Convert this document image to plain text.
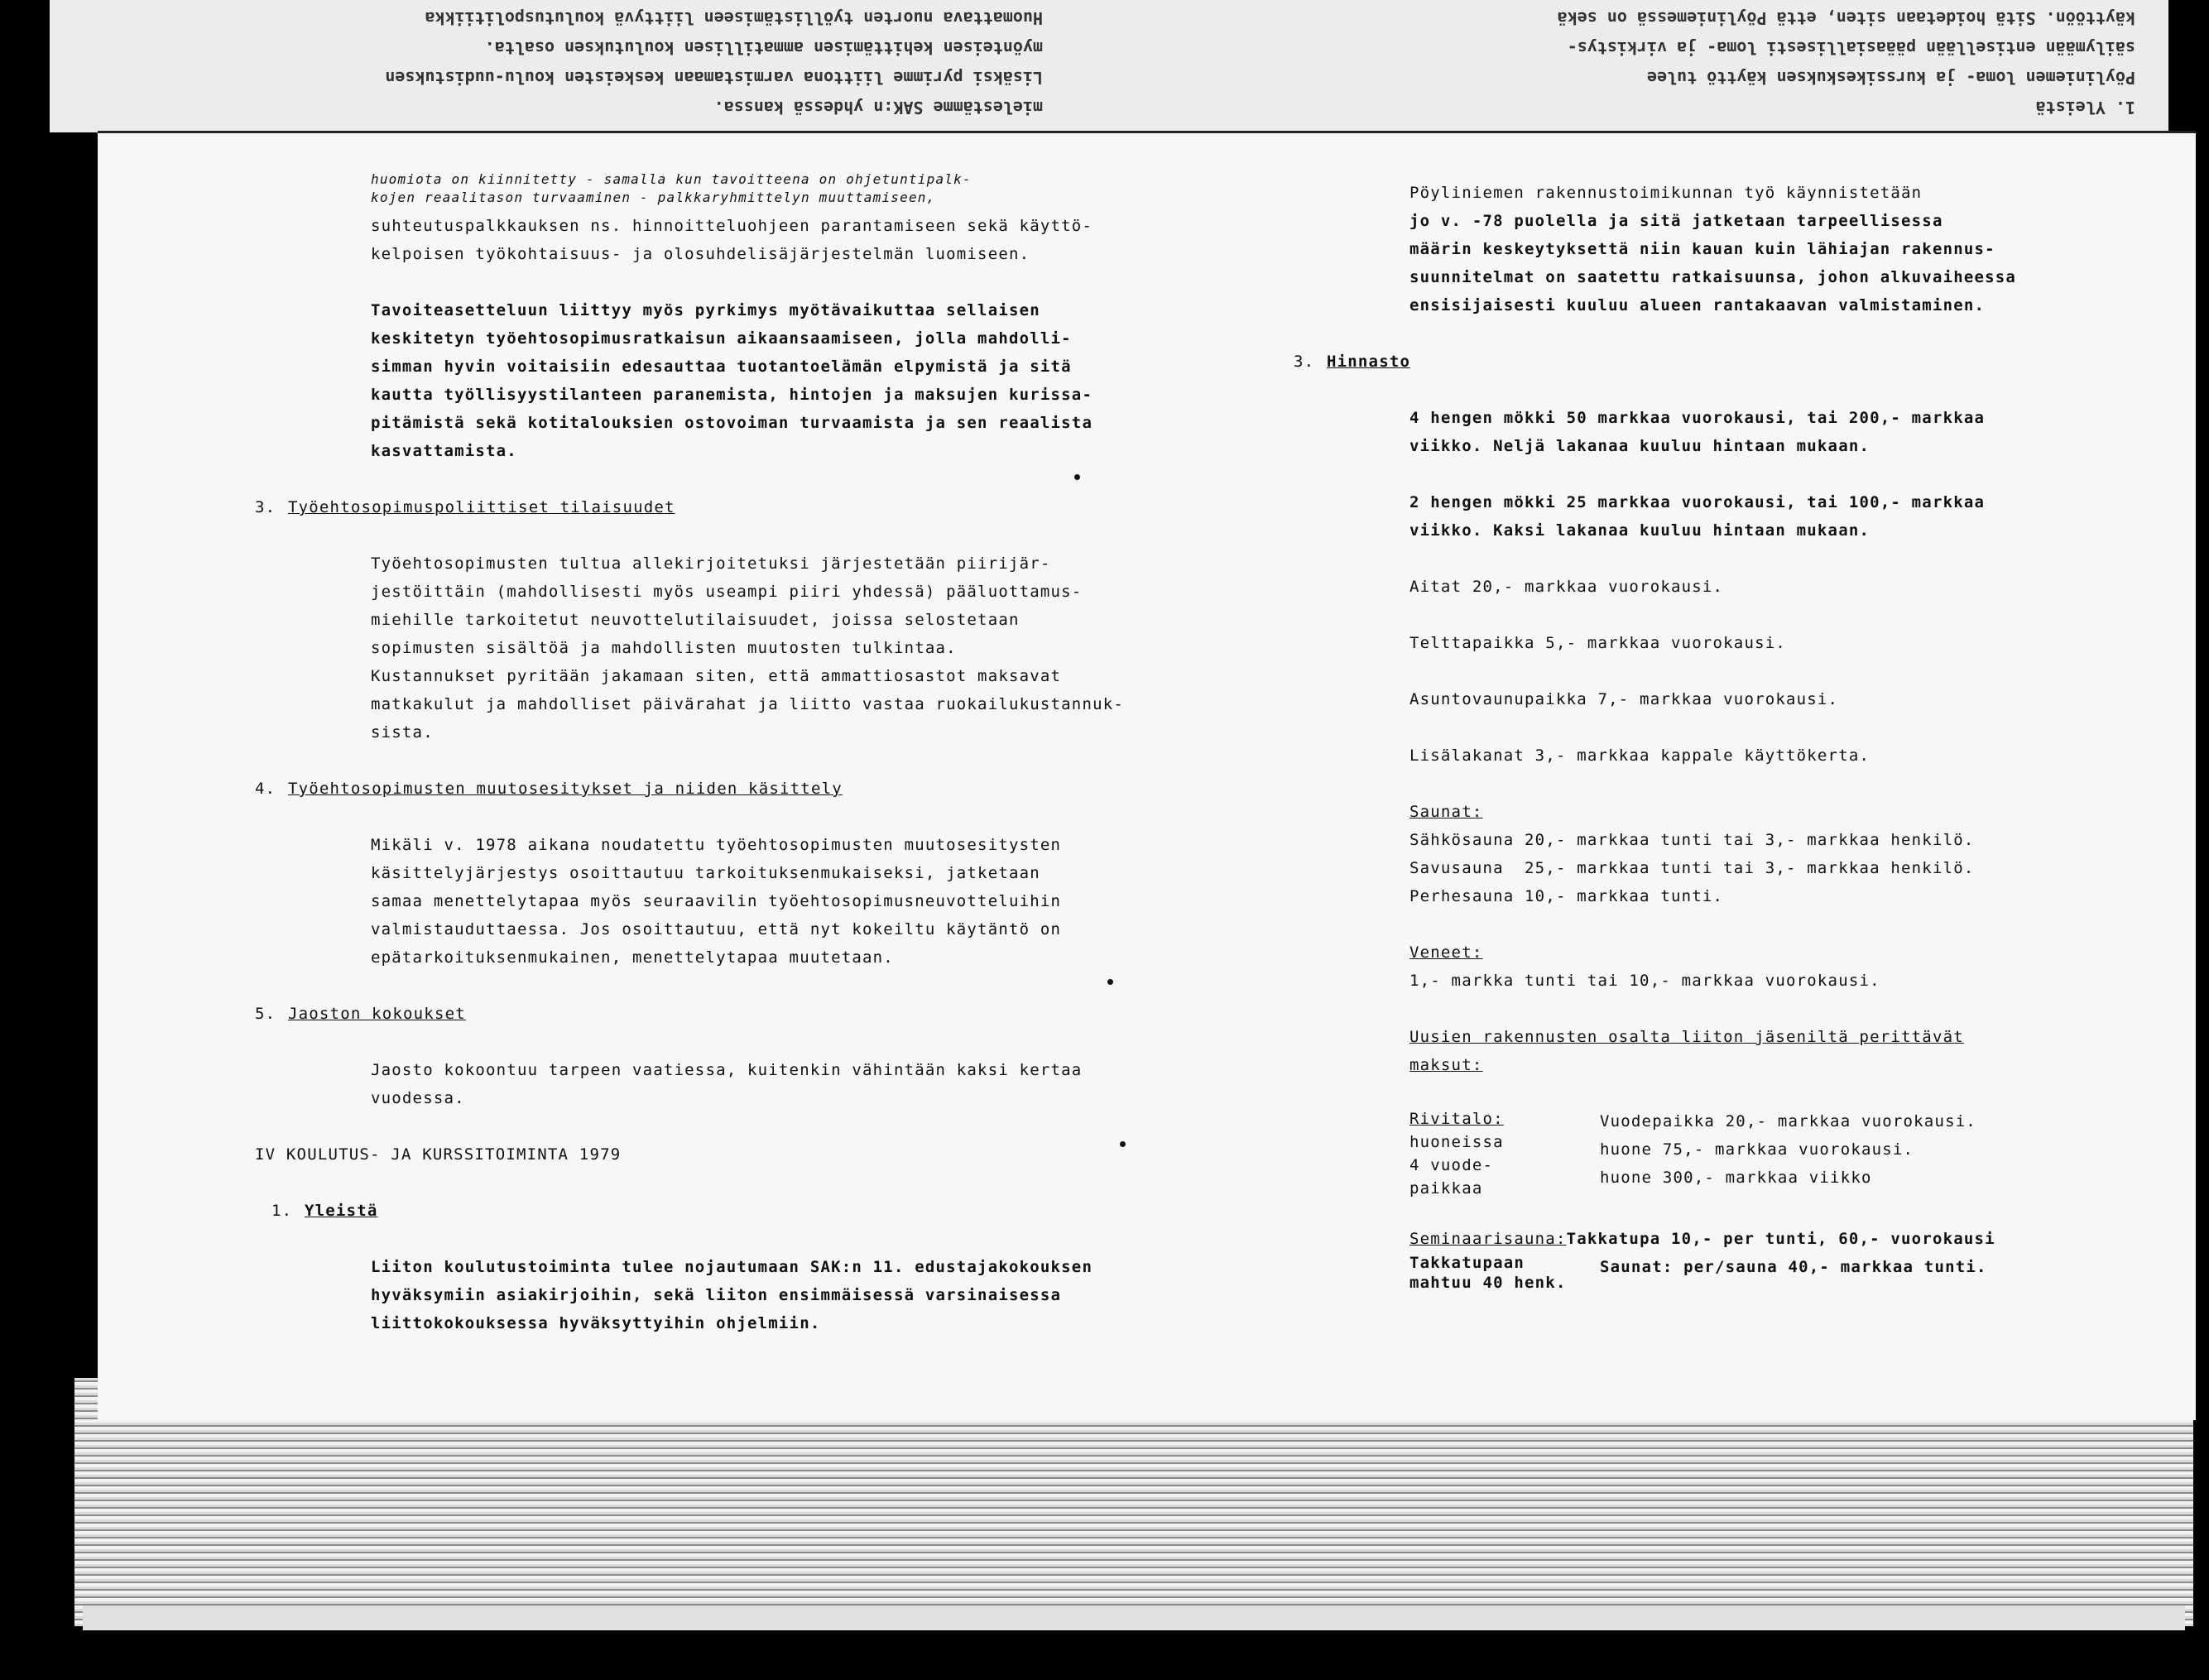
1. Yleistä
Pöyliniemen loma- ja kurssikeskuksen käyttö tulee
säilymään entisellään pääasiallisesti loma- ja virkistys-
käyttöön. Sitä hoidetaan siten, että Pöyliniemessä on sekä
mielestämme SAK:n yhdessä kanssa.
Lisäksi pyrimme liittona varmistamaan keskeisten koulu-uudistuksen
myönteisen kehittämisen ammatillisen koulutuksen osalta.
Huomattava nuorten työllistämiseen liittyvä koulutuspolitiikka
huomiota on kiinnitetty - samalla kun tavoitteena on ohjetuntipalk-
kojen reaalitason turvaaminen - palkkaryhmittelyn muuttamiseen,
suhteutuspalkkauksen ns. hinnoitteluohjeen parantamiseen sekä käyttö-
kelpoisen työkohtaisuus- ja olosuhdelisäjärjestelmän luomiseen.
Tavoiteasetteluun liittyy myös pyrkimys myötävaikuttaa sellaisen
keskitetyn työehtosopimusratkaisun aikaansaamiseen, jolla mahdolli-
simman hyvin voitaisiin edesauttaa tuotantoelämän elpymistä ja sitä
kautta työllisyystilanteen paranemista, hintojen ja maksujen kurissa-
pitämistä sekä kotitalouksien ostovoiman turvaamista ja sen reaalista
kasvattamista.
3. Työehtosopimuspoliittiset tilaisuudet
Työehtosopimusten tultua allekirjoitetuksi järjestetään piirijär-
jestöittäin (mahdollisesti myös useampi piiri yhdessä) pääluottamus-
miehille tarkoitetut neuvottelutilaisuudet, joissa selostetaan
sopimusten sisältöä ja mahdollisten muutosten tulkintaa.
Kustannukset pyritään jakamaan siten, että ammattiosastot maksavat
matkakulut ja mahdolliset päivärahat ja liitto vastaa ruokailukustannuk-
sista.
4. Työehtosopimusten muutosesitykset ja niiden käsittely
Mikäli v. 1978 aikana noudatettu työehtosopimusten muutosesitysten
käsittelyjärjestys osoittautuu tarkoituksenmukaiseksi, jatketaan
samaa menettelytapaa myös seuraavilin työehtosopimusneuvotteluihin
valmistauduttaessa. Jos osoittautuu, että nyt kokeiltu käytäntö on
epätarkoituksenmukainen, menettelytapaa muutetaan.
5. Jaoston kokoukset
Jaosto kokoontuu tarpeen vaatiessa, kuitenkin vähintään kaksi kertaa
vuodessa.
IV KOULUTUS- JA KURSSITOIMINTA 1979
1. Yleistä
Liiton koulutustoiminta tulee nojautumaan SAK:n 11. edustajakokouksen
hyväksymiin asiakirjoihin, sekä liiton ensimmäisessä varsinaisessa
liittokokouksessa hyväksyttyihin ohjelmiin.
Pöyliniemen rakennustoimikunnan työ käynnistetään
jo v. -78 puolella ja sitä jatketaan tarpeellisessa
määrin keskeytyksettä niin kauan kuin lähiajan rakennus-
suunnitelmat on saatettu ratkaisuunsa, johon alkuvaiheessa
ensisijaisesti kuuluu alueen rantakaavan valmistaminen.
3. Hinnasto
4 hengen mökki 50 markkaa vuorokausi, tai 200,- markkaa
viikko. Neljä lakanaa kuuluu hintaan mukaan.
2 hengen mökki 25 markkaa vuorokausi, tai 100,- markkaa
viikko. Kaksi lakanaa kuuluu hintaan mukaan.
Aitat 20,- markkaa vuorokausi.
Telttapaikka 5,- markkaa vuorokausi.
Asuntovaunupaikka 7,- markkaa vuorokausi.
Lisälakanat 3,- markkaa kappale käyttökerta.
Saunat:
Sähkösauna 20,- markkaa tunti tai 3,- markkaa henkilö.
Savusauna  25,- markkaa tunti tai 3,- markkaa henkilö.
Perhesauna 10,- markkaa tunti.
Veneet:
1,- markka tunti tai 10,- markkaa vuorokausi.
Uusien rakennusten osalta liiton jäseniltä perittävät
maksut:
Rivitalo:
huoneissa
4 vuode-
paikkaa
Vuodepaikka 20,- markkaa vuorokausi.
huone 75,- markkaa vuorokausi.
huone 300,- markkaa viikko
Seminaarisauna:Takkatupa 10,- per tunti, 60,- vuorokausi
Takkatupaan
mahtuu 40 henk.
Saunat: per/sauna 40,- markkaa tunti.
